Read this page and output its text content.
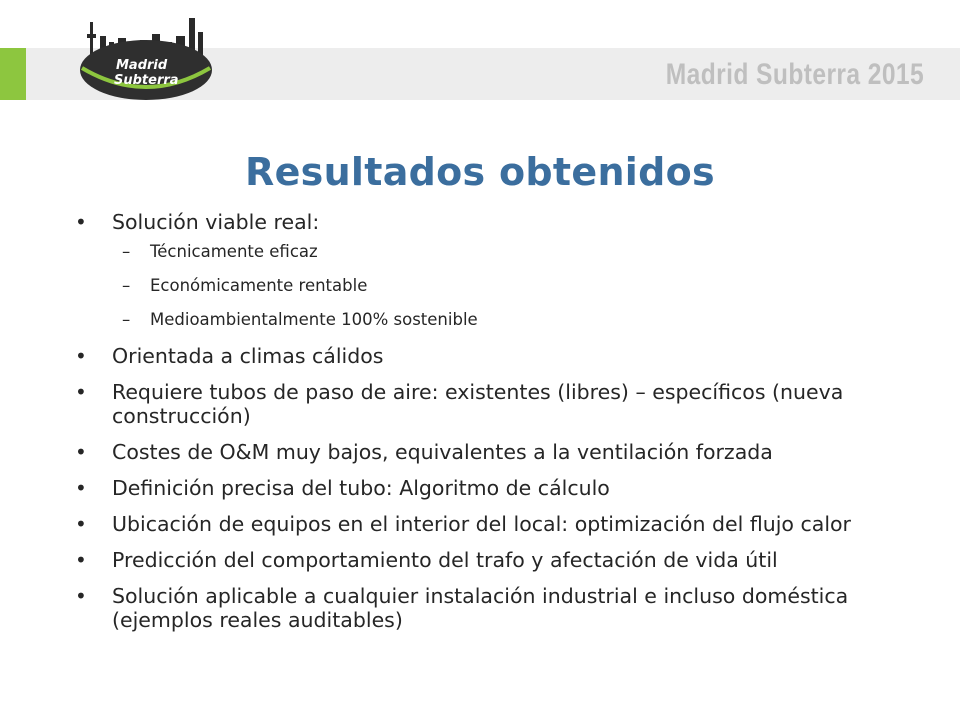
Madrid Subterra 2015
Madrid
Subterra
Resultados obtenidos
• Solución viable real:
– Técnicamente eficaz
– Económicamente rentable
– Medioambientalmente 100% sostenible
• Orientada a climas cálidos
• Requiere tubos de paso de aire: existentes (libres) – específicos (nueva construcción)
• Costes de O&M muy bajos, equivalentes a la ventilación forzada
• Definición precisa del tubo: Algoritmo de cálculo
• Ubicación de equipos en el interior del local: optimización del flujo calor
• Predicción del comportamiento del trafo y afectación de vida útil
• Solución aplicable a cualquier instalación industrial e incluso doméstica (ejemplos reales auditables)
